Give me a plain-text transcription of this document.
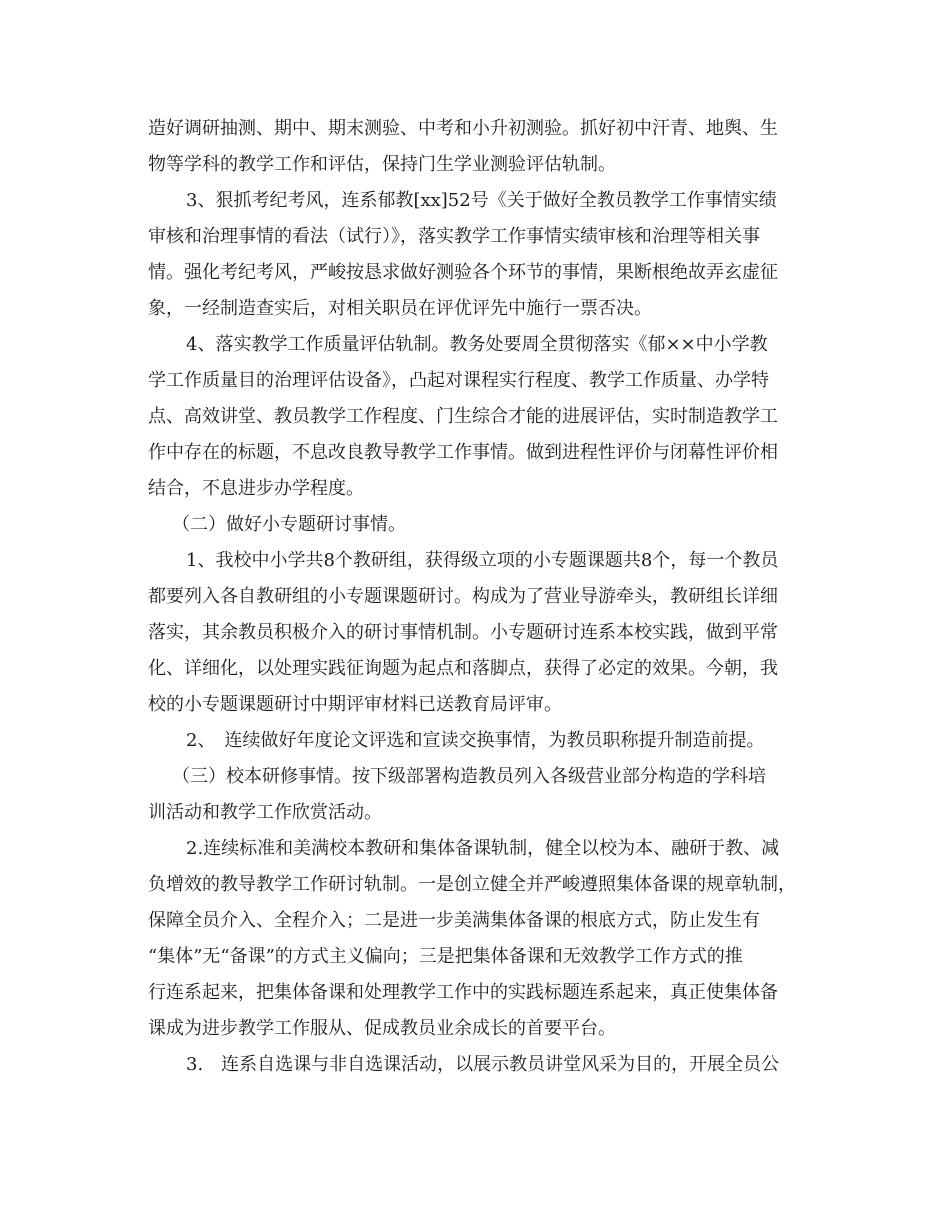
造好调研抽测、期中、期末测验、中考和小升初测验。抓好初中汗青、地舆、生
物等学科的教学工作和评估，保持门生学业测验评估轨制。
3、狠抓考纪考风，连系郁教[xx]52号《关于做好全教员教学工作事情实绩
审核和治理事情的看法（试行）》，落实教学工作事情实绩审核和治理等相关事
情。强化考纪考风，严峻按恳求做好测验各个环节的事情，果断根绝故弄玄虚征
象，一经制造查实后，对相关职员在评优评先中施行一票否决。
4、落实教学工作质量评估轨制。教务处要周全贯彻落实《郁××中小学教
学工作质量目的治理评估设备》，凸起对课程实行程度、教学工作质量、办学特
点、高效讲堂、教员教学工作程度、门生综合才能的进展评估，实时制造教学工
作中存在的标题，不息改良教导教学工作事情。做到进程性评价与闭幕性评价相
结合，不息进步办学程度。
（二）做好小专题研讨事情。
1、我校中小学共8个教研组，获得级立项的小专题课题共8个，每一个教员
都要列入各自教研组的小专题课题研讨。构成为了营业导游牵头，教研组长详细
落实，其余教员积极介入的研讨事情机制。小专题研讨连系本校实践，做到平常
化、详细化，以处理实践征询题为起点和落脚点，获得了必定的效果。今朝，我
校的小专题课题研讨中期评审材料已送教育局评审。
2、　连续做好年度论文评选和宣读交换事情，为教员职称提升制造前提。
（三）校本研修事情。按下级部署构造教员列入各级营业部分构造的学科培
训活动和教学工作欣赏活动。
2.连续标准和美满校本教研和集体备课轨制，健全以校为本、融研于教、减
负增效的教导教学工作研讨轨制。一是创立健全并严峻遵照集体备课的规章轨制，
保障全员介入、全程介入；二是进一步美满集体备课的根底方式，防止发生有
“集体”无“备课”的方式主义偏向；三是把集体备课和无效教学工作方式的推
行连系起来，把集体备课和处理教学工作中的实践标题连系起来，真正使集体备
课成为进步教学工作服从、促成教员业余成长的首要平台。
3.　连系自选课与非自选课活动，以展示教员讲堂风采为目的，开展全员公
